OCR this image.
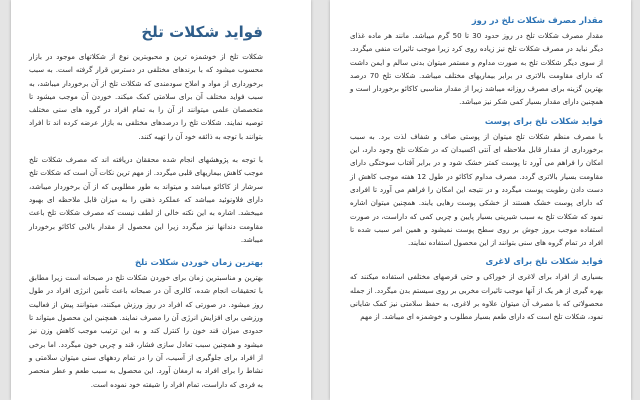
فواید شکلات تلخ

شکلات تلخ از خوشمزه ترین و محبوبترین نوع از شکلاتهای موجود در بازار محسوب میشود که با برندهای مختلفی در دسترس قرار گرفته است. به سبب برخورداری از مواد و املاح سودمندی که شکلات تلخ از آن برخوردار میباشد، به سبب فواید مختلف آن برای سلامتی کمک میکند. خوردن آن موجب میشود تا متخصصان علمی میتوانند از آن را به تمام افراد در گروه های سنی مختلف توصیه نمایند. شکلات تلخ را درصدهای مختلفی به بازار عرضه کرده اند تا افراد بتوانند با توجه به ذائقه خود آن را تهیه کنند.

با توجه به پژوهشهای انجام شده محققان دریافته اند که مصرف شکلات تلخ موجب کاهش بیماریهای قلبی میگردد. از مهم ترین نکات آن است که شکلات تلخ سرشار از کاکائو میباشد و میتواند به طور مطلوبی که از آن برخوردار میباشد، دارای فلاونوئید میباشد که عملکرد ذهنی را به میزان قابل ملاحظه ای بهبود میبخشد. اشاره به این نکته خالی از لطف نیست که مصرف شکلات تلخ باعث مقاومت دندانها نیز میگردد زیرا این محصول از مقدار بالایی کاکائو برخوردار میباشد.

بهترین زمان خوردن شکلات تلخ

بهترین و مناسبترین زمان برای خوردن شکلات تلخ در صبحانه است زیرا مطابق با تحقیقات انجام شده، کالری آن در صبحانه باعث تأمین انرژی افراد در طول روز میشود. در صورتی که افراد در روز ورزش میکنند، میتوانند پیش از فعالیت ورزشی برای افزایش انرژی آن را مصرف نمایند. همچنین این محصول میتواند تا حدودی میزان قند خون را کنترل کند و به این ترتیب موجب کاهش وزن نیز میشود و همچنین سبب تعادل سازی فشار، قند و چربی خون میگردد. اما برخی از افراد برای جلوگیری از آسیب، آن را در تمام ردههای سنی میتوان سلامتی و نشاط را برای افراد به ارمغان آورد. این محصول به سبب طعم و عطر منحصر به فردی که داراست، تمام افراد را شیفته خود نموده است.

مقدار مصرف شکلات تلخ در روز

مقدار مصرف شکلات تلخ در روز حدود 30 تا 50 گرم میباشد. مانند هر ماده غذای دیگر نباید در مصرف شکلات تلخ نیز زیاده روی کرد زیرا موجب تاثیرات منفی میگردد. از سوی دیگر شکلات تلخ به صورت مداوم و مستمر میتوان بدنی سالم و ایمن داشت که دارای مقاومت بالاتری در برابر بیماریهای مختلف میباشد. شکلات تلخ 70 درصد بهترین گزینه برای مصرف روزانه میباشد زیرا از مقدار مناسبی کاکائو برخوردار است و همچنین دارای مقدار بسیار کمی شکر نیز میباشد.

فواید شکلات تلخ برای پوست

با مصرف منظم شکلات تلخ میتوان از پوستی صاف و شفاف لذت برد. به سبب برخورداری از مقدار قابل ملاحظه ای آنتی اکسیدان که در شکلات تلخ وجود دارد، این امکان را فراهم می آورد تا پوست کمتر خشک شود و در برابر آفتاب سوختگی دارای مقاومت بسیار بالاتری گردد. مصرف مداوم کاکائو در طول 12 هفته موجب کاهش از دست دادن رطوبت پوست میگردد و در نتیجه این امکان را فراهم می آورد تا افرادی که دارای پوست خشک هستند از خشکی پوست رهایی یابند. همچنین میتوان اشاره نمود که شکلات تلخ به سبب شیرینی بسیار پایین و چربی کمی که داراست، در صورت استفاده موجب بروز جوش بر روی سطح پوست نمیشود و همین امر سبب شده تا افراد در تمام گروه های سنی بتوانند از این محصول استفاده نمایند.

فواید شکلات تلخ برای لاغری

بسیاری از افراد برای لاغری از خوراکی و حتی قرصهای مختلفی استفاده میکنند که بهره گیری از هر یک از آنها موجب تاثیرات مخربی بر روی سیستم بدن میگردد. از جمله محصولاتی که با مصرف آن میتوان علاوه بر لاغری، به حفظ سلامتی نیز کمک شایانی نمود، شکلات تلخ است که دارای طعم بسیار مطلوب و خوشمزه ای میباشد. از مهم
